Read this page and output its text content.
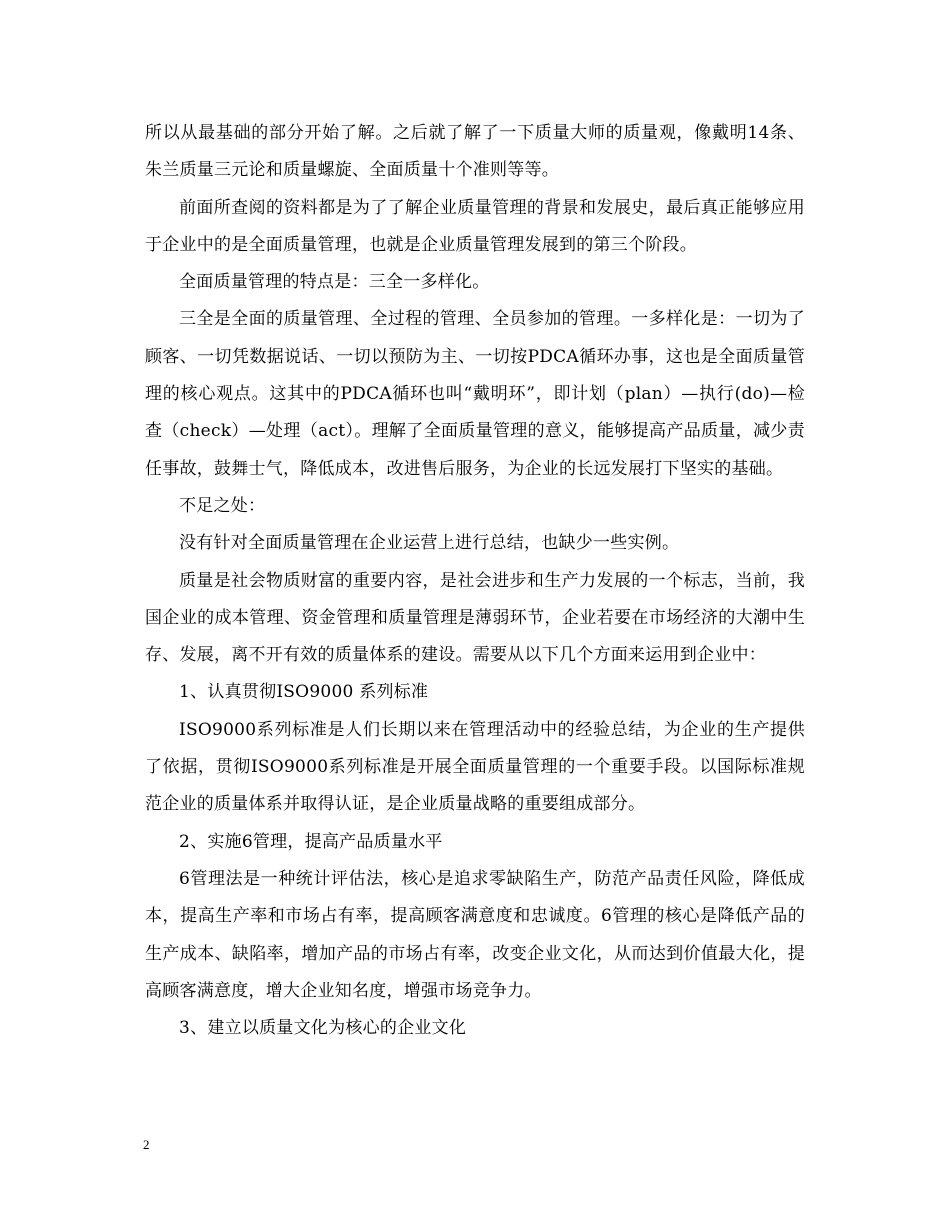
所以从最基础的部分开始了解。之后就了解了一下质量大师的质量观，像戴明14条、朱兰质量三元论和质量螺旋、全面质量十个准则等等。

前面所查阅的资料都是为了了解企业质量管理的背景和发展史，最后真正能够应用于企业中的是全面质量管理，也就是企业质量管理发展到的第三个阶段。

全面质量管理的特点是：三全一多样化。

三全是全面的质量管理、全过程的管理、全员参加的管理。一多样化是：一切为了顾客、一切凭数据说话、一切以预防为主、一切按PDCA循环办事，这也是全面质量管理的核心观点。这其中的PDCA循环也叫“戴明环”，即计划（plan）—执行(do)—检查（check）—处理（act）。理解了全面质量管理的意义，能够提高产品质量，减少责任事故，鼓舞士气，降低成本，改进售后服务，为企业的长远发展打下坚实的基础。

不足之处：

没有针对全面质量管理在企业运营上进行总结，也缺少一些实例。

质量是社会物质财富的重要内容，是社会进步和生产力发展的一个标志，当前，我国企业的成本管理、资金管理和质量管理是薄弱环节，企业若要在市场经济的大潮中生存、发展，离不开有效的质量体系的建设。需要从以下几个方面来运用到企业中：

1、认真贯彻ISO9000 系列标准

ISO9000系列标准是人们长期以来在管理活动中的经验总结，为企业的生产提供了依据，贯彻ISO9000系列标准是开展全面质量管理的一个重要手段。以国际标准规范企业的质量体系并取得认证，是企业质量战略的重要组成部分。

2、实施6管理，提高产品质量水平

6管理法是一种统计评估法，核心是追求零缺陷生产，防范产品责任风险，降低成本，提高生产率和市场占有率，提高顾客满意度和忠诚度。6管理的核心是降低产品的生产成本、缺陷率，增加产品的市场占有率，改变企业文化，从而达到价值最大化，提高顾客满意度，增大企业知名度，增强市场竞争力。

3、建立以质量文化为核心的企业文化

2
